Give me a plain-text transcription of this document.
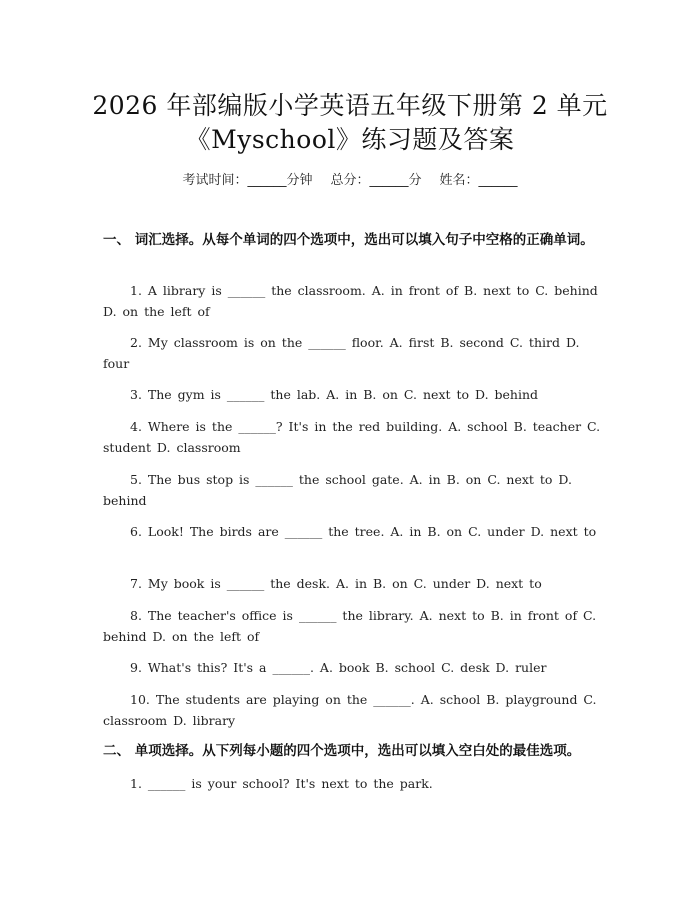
2026 年部编版小学英语五年级下册第 2 单元
《Myschool》练习题及答案
考试时间：______分钟 总分：______分 姓名：______
一、 词汇选择。从每个单词的四个选项中，选出可以填入句子中空格的正确单词。
1. A library is ______ the classroom. A. in front of B. next to C. behind D. on the left of
2. My classroom is on the ______ floor. A. first B. second C. third D. four
3. The gym is ______ the lab. A. in B. on C. next to D. behind
4. Where is the ______? It's in the red building. A. school B. teacher C. student D. classroom
5. The bus stop is ______ the school gate. A. in B. on C. next to D. behind
6. Look! The birds are ______ the tree. A. in B. on C. under D. next to
7. My book is ______ the desk. A. in B. on C. under D. next to
8. The teacher's office is ______ the library. A. next to B. in front of C. behind D. on the left of
9. What's this? It's a ______. A. book B. school C. desk D. ruler
10. The students are playing on the ______. A. school B. playground C. classroom D. library
二、 单项选择。从下列每小题的四个选项中，选出可以填入空白处的最佳选项。
1. ______ is your school? It's next to the park.
